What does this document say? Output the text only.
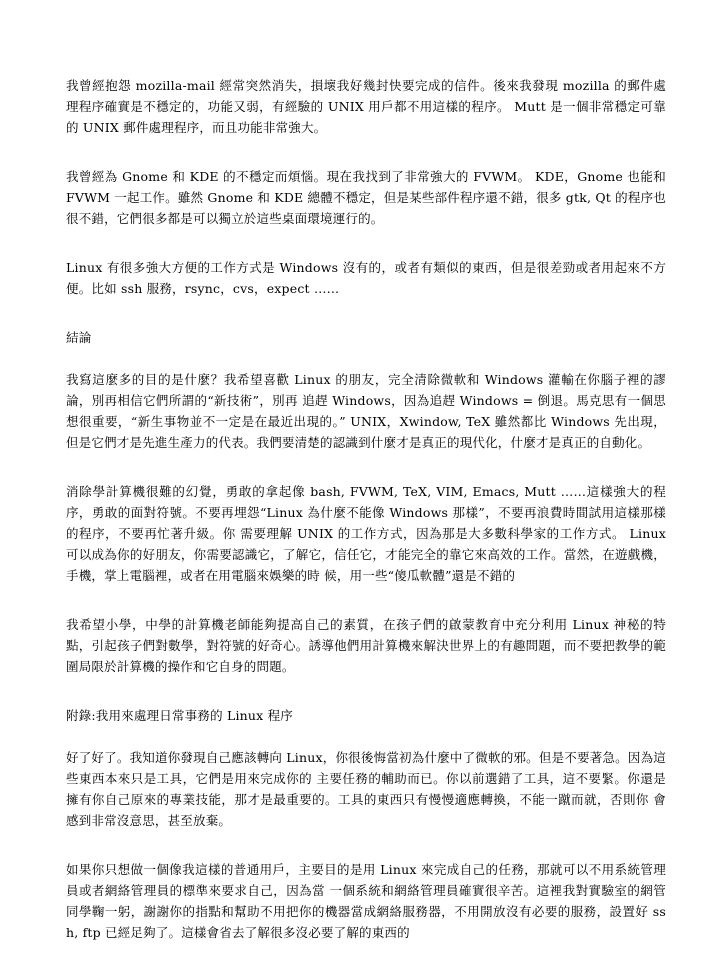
我曾經抱怨 mozilla-mail 經常突然消失，損壞我好幾封快要完成的信件。後來我發現 mozilla 的郵件處理程序確實是不穩定的，功能又弱，有經驗的 UNIX 用戶都不用這樣的程序。 Mutt 是一個非常穩定可靠的 UNIX 郵件處理程序，而且功能非常強大。

我曾經為 Gnome 和 KDE 的不穩定而煩惱。現在我找到了非常強大的 FVWM。 KDE，Gnome 也能和 FVWM 一起工作。雖然 Gnome 和 KDE 總體不穩定，但是某些部件程序還不錯，很多 gtk, Qt 的程序也很不錯，它們很多都是可以獨立於這些桌面環境運行的。

Linux 有很多強大方便的工作方式是 Windows 沒有的，或者有類似的東西，但是很差勁或者用起來不方便。比如 ssh 服務，rsync，cvs，expect ……

結論

我寫這麼多的目的是什麼？我希望喜歡 Linux 的朋友，完全清除微軟和 Windows 灌輸在你腦子裡的謬論，別再相信它們所謂的“新技術”，別再 追趕 Windows，因為追趕 Windows = 倒退。馬克思有一個思想很重要，“新生事物並不一定是在最近出現的。” UNIX，Xwindow, TeX 雖然都比 Windows 先出現，但是它們才是先進生產力的代表。我們要清楚的認識到什麼才是真正的現代化，什麼才是真正的自動化。

消除學計算機很難的幻覺，勇敢的拿起像 bash, FVWM, TeX, VIM, Emacs, Mutt ……這樣強大的程序，勇敢的面對符號。不要再埋怨“Linux 為什麼不能像 Windows 那樣”，不要再浪費時間試用這樣那樣的程序，不要再忙著升級。你 需要理解 UNIX 的工作方式，因為那是大多數科學家的工作方式。 Linux 可以成為你的好朋友，你需要認識它，了解它，信任它，才能完全的靠它來高效的工作。當然，在遊戲機，手機，掌上電腦裡，或者在用電腦來娛樂的時 候，用一些“傻瓜軟體”還是不錯的

我希望小學，中學的計算機老師能夠提高自己的素質，在孩子們的啟蒙教育中充分利用 Linux 神秘的特點，引起孩子們對數學，對符號的好奇心。誘導他們用計算機來解決世界上的有趣問題，而不要把教學的範圍局限於計算機的操作和它自身的問題。

附錄:我用來處理日常事務的 Linux 程序

好了好了。我知道你發現自己應該轉向 Linux，你很後悔當初為什麼中了微軟的邪。但是不要著急。因為這些東西本來只是工具，它們是用來完成你的 主要任務的輔助而已。你以前選錯了工具，這不要緊。你還是擁有你自己原來的專業技能，那才是最重要的。工具的東西只有慢慢適應轉換，不能一蹴而就，否則你 會感到非常沒意思，甚至放棄。

如果你只想做一個像我這樣的普通用戶，主要目的是用 Linux 來完成自己的任務，那就可以不用系統管理員或者網絡管理員的標準來要求自己，因為當 一個系統和網絡管理員確實很辛苦。這裡我對實驗室的網管同學鞠一躬，謝謝你的指點和幫助不用把你的機器當成網絡服務器，不用開放沒有必要的服務，設置好 ssh, ftp 已經足夠了。這樣會省去了解很多沒必要了解的東西的
